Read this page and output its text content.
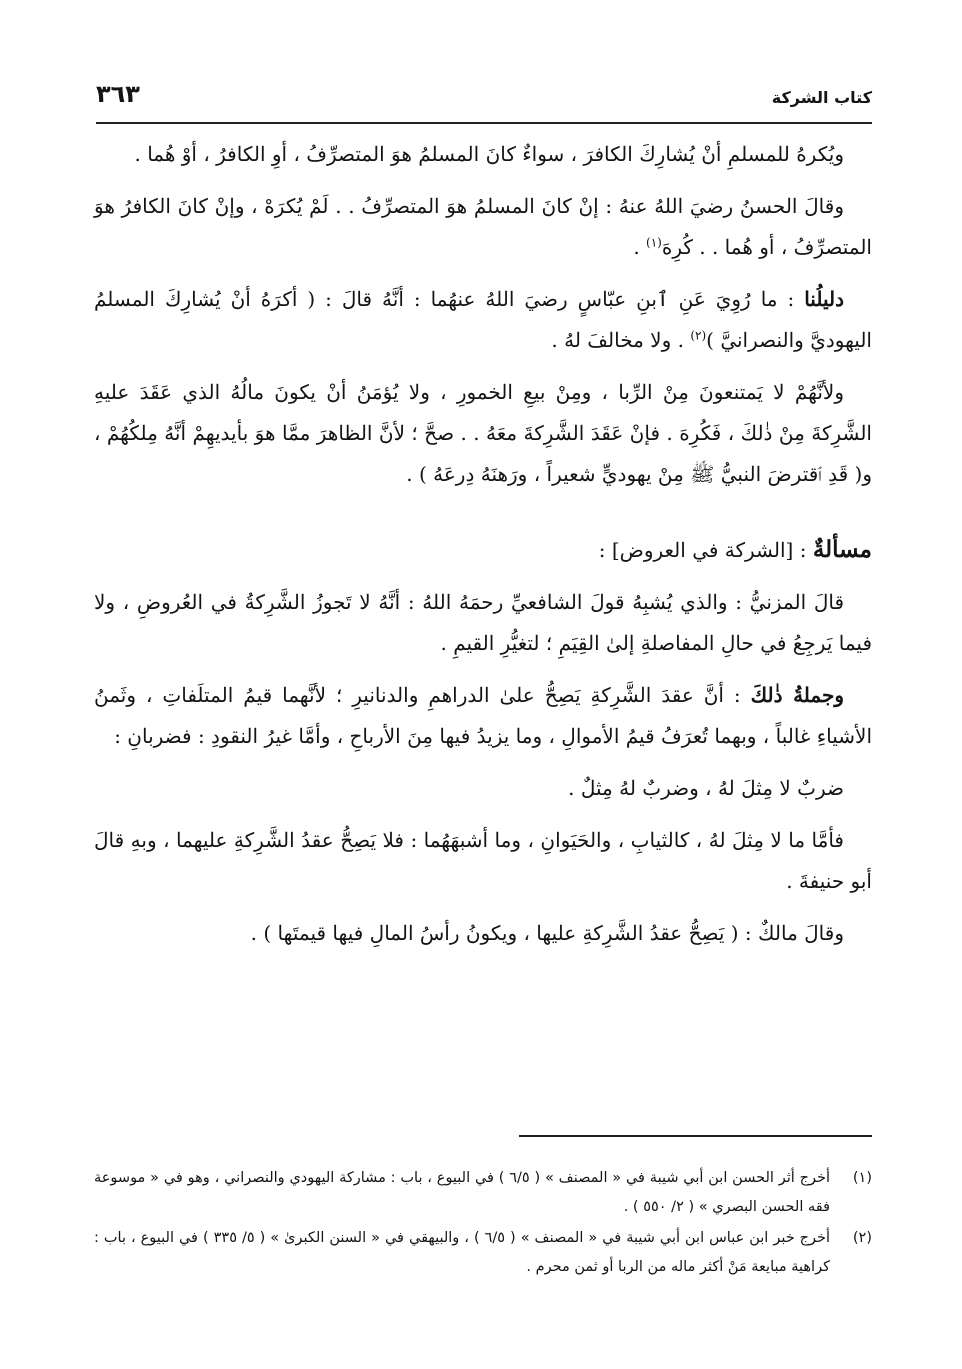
كتاب الشركة
٣٦٣

ويُكرهُ للمسلمِ أنْ يُشارِكَ الكافرَ ، سواءٌ كانَ المسلمُ هوَ المتصرِّفُ ، أوِ الكافرُ ، أوْ هُما .

وقالَ الحسنُ رضيَ اللهُ عنهُ : إنْ كانَ المسلمُ هوَ المتصرِّفُ . . لَمْ يُكرَهْ ، وإنْ كانَ الكافرُ هوَ المتصرِّفُ ، أو هُما . . كُرِهَ$^{(١)}$ .

دليلُنا : ما رُوِيَ عَنِ ٱبنِ عبّاسٍ رضيَ اللهُ عنهُما : أنَّهُ قالَ : ( أكرَهُ أنْ يُشارِكَ المسلمُ اليهوديَّ والنصرانيَّ )$^{(٢)}$ . ولا مخالفَ لهُ .

ولأنَّهُمْ لا يَمتنعونَ مِنْ الرِّبا ، ومِنْ بيعِ الخمورِ ، ولا يُؤمَنُ أنْ يكونَ مالُهُ الذي عَقَدَ عليهِ الشَّرِكةَ مِنْ ذٰلكَ ، فَكُرِهَ . فإنْ عَقَدَ الشَّرِكةَ معَهُ . . صحَّ ؛ لأنَّ الظاهرَ ممَّا هوَ بأيديهِمْ أنَّهُ مِلكُهُمْ ، و( قَدِ ٱقترضَ النبيُّ ﷺ مِنْ يهوديٍّ شعيراً ، ورَهنَهُ دِرعَهُ ) .

مسألةٌ : [الشركة في العروض] :

قالَ المزنيُّ : والذي يُشبِهُ قولَ الشافعيِّ رحمَهُ اللهُ : أنَّهُ لا تَجوزُ الشَّرِكةُ في العُروضِ ، ولا فيما يَرجِعُ في حالِ المفاصلةِ إلىٰ القِيَمِ ؛ لتغيُّرِ القيمِ .

وجملةُ ذٰلكَ : أنَّ عقدَ الشَّرِكةِ يَصِحُّ علىٰ الدراهمِ والدنانيرِ ؛ لأنَّهما قيمُ المتلَفاتِ ، وثَمنُ الأشياءِ غالباً ، وبهما تُعرَفُ قيمُ الأموالِ ، وما يزيدُ فيها مِنَ الأرباحِ ، وأمَّا غيرُ النقودِ : فضربانِ :

ضربٌ لا مِثلَ لهُ ، وضربٌ لهُ مِثلٌ .

فأمَّا ما لا مِثلَ لهُ ، كالثيابِ ، والحَيَوانِ ، وما أشبهَهُما : فلا يَصِحُّ عقدُ الشَّرِكةِ عليهما ، وبهِ قالَ أبو حنيفةَ .

وقالَ مالكٌ : ( يَصِحُّ عقدُ الشَّرِكةِ عليها ، ويكونُ رأسُ المالِ فيها قيمتَها ) .

(١)
أخرج أثر الحسن ابن أبي شيبة في « المصنف » ( ٦/٥ ) في البيوع ، باب : مشاركة اليهودي والنصراني ، وهو في « موسوعة فقه الحسن البصري » ( ٢/ ٥٥٠ ) .
(٢)
أخرج خبر ابن عباس ابن أبي شيبة في « المصنف » ( ٦/٥ ) ، والبيهقي في « السنن الكبرىٰ » ( ٥/ ٣٣٥ ) في البيوع ، باب : كراهية مبايعة مَنْ أكثر ماله من الربا أو ثمن محرم .
